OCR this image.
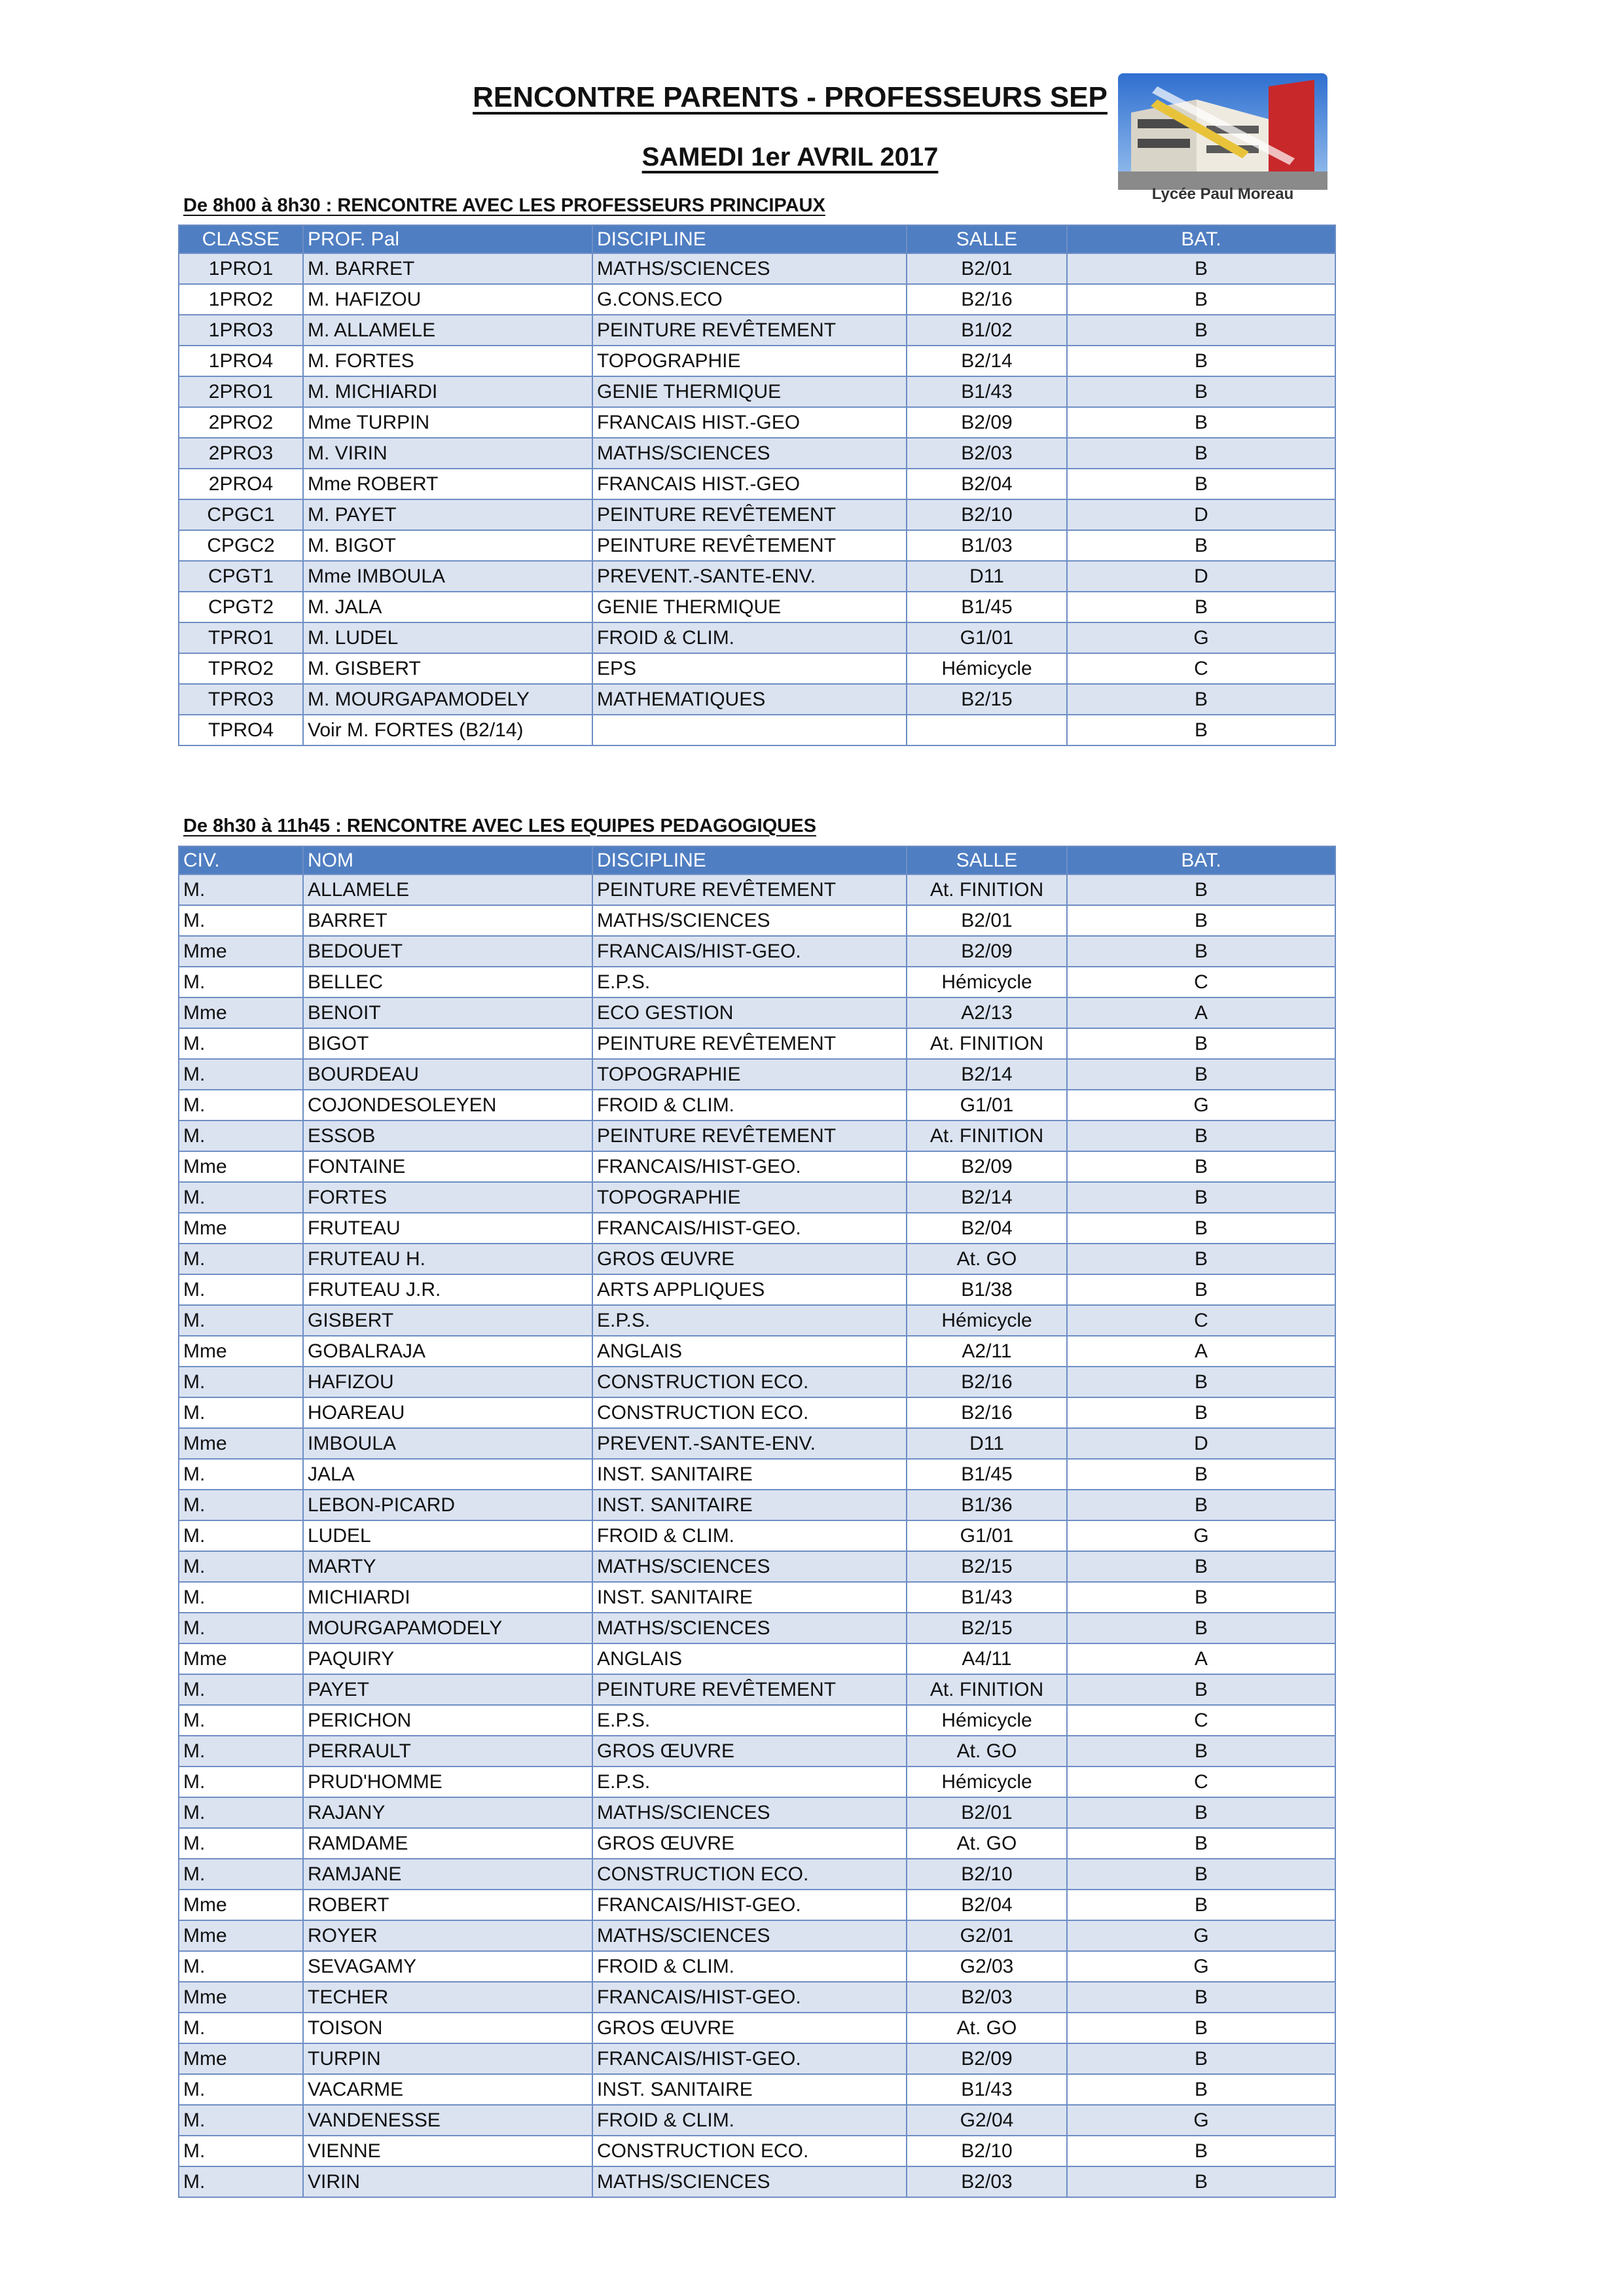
RENCONTRE PARENTS - PROFESSEURS SEP
SAMEDI 1er AVRIL 2017
Lycée Paul Moreau
De 8h00 à 8h30 : RENCONTRE AVEC LES PROFESSEURS PRINCIPAUX
CLASSE	PROF. Pal	DISCIPLINE	SALLE	BAT.
1PRO1	M. BARRET	MATHS/SCIENCES	B2/01	B
1PRO2	M. HAFIZOU	G.CONS.ECO	B2/16	B
1PRO3	M. ALLAMELE	PEINTURE REVÊTEMENT	B1/02	B
1PRO4	M. FORTES	TOPOGRAPHIE	B2/14	B
2PRO1	M. MICHIARDI	GENIE THERMIQUE	B1/43	B
2PRO2	Mme TURPIN	FRANCAIS HIST.-GEO	B2/09	B
2PRO3	M. VIRIN	MATHS/SCIENCES	B2/03	B
2PRO4	Mme ROBERT	FRANCAIS HIST.-GEO	B2/04	B
CPGC1	M. PAYET	PEINTURE REVÊTEMENT	B2/10	D
CPGC2	M. BIGOT	PEINTURE REVÊTEMENT	B1/03	B
CPGT1	Mme IMBOULA	PREVENT.-SANTE-ENV.	D11	D
CPGT2	M. JALA	GENIE THERMIQUE	B1/45	B
TPRO1	M. LUDEL	FROID & CLIM.	G1/01	G
TPRO2	M. GISBERT	EPS	Hémicycle	C
TPRO3	M. MOURGAPAMODELY	MATHEMATIQUES	B2/15	B
TPRO4	Voir M. FORTES (B2/14)			B
De 8h30 à 11h45 : RENCONTRE AVEC LES EQUIPES PEDAGOGIQUES
CIV.	NOM	DISCIPLINE	SALLE	BAT.
M.	ALLAMELE	PEINTURE REVÊTEMENT	At. FINITION	B
M.	BARRET	MATHS/SCIENCES	B2/01	B
Mme	BEDOUET	FRANCAIS/HIST-GEO.	B2/09	B
M.	BELLEC	E.P.S.	Hémicycle	C
Mme	BENOIT	ECO GESTION	A2/13	A
M.	BIGOT	PEINTURE REVÊTEMENT	At. FINITION	B
M.	BOURDEAU	TOPOGRAPHIE	B2/14	B
M.	COJONDESOLEYEN	FROID & CLIM.	G1/01	G
M.	ESSOB	PEINTURE REVÊTEMENT	At. FINITION	B
Mme	FONTAINE	FRANCAIS/HIST-GEO.	B2/09	B
M.	FORTES	TOPOGRAPHIE	B2/14	B
Mme	FRUTEAU	FRANCAIS/HIST-GEO.	B2/04	B
M.	FRUTEAU H.	GROS ŒUVRE	At. GO	B
M.	FRUTEAU J.R.	ARTS APPLIQUES	B1/38	B
M.	GISBERT	E.P.S.	Hémicycle	C
Mme	GOBALRAJA	ANGLAIS	A2/11	A
M.	HAFIZOU	CONSTRUCTION ECO.	B2/16	B
M.	HOAREAU	CONSTRUCTION ECO.	B2/16	B
Mme	IMBOULA	PREVENT.-SANTE-ENV.	D11	D
M.	JALA	INST. SANITAIRE	B1/45	B
M.	LEBON-PICARD	INST. SANITAIRE	B1/36	B
M.	LUDEL	FROID & CLIM.	G1/01	G
M.	MARTY	MATHS/SCIENCES	B2/15	B
M.	MICHIARDI	INST. SANITAIRE	B1/43	B
M.	MOURGAPAMODELY	MATHS/SCIENCES	B2/15	B
Mme	PAQUIRY	ANGLAIS	A4/11	A
M.	PAYET	PEINTURE REVÊTEMENT	At. FINITION	B
M.	PERICHON	E.P.S.	Hémicycle	C
M.	PERRAULT	GROS ŒUVRE	At. GO	B
M.	PRUD'HOMME	E.P.S.	Hémicycle	C
M.	RAJANY	MATHS/SCIENCES	B2/01	B
M.	RAMDAME	GROS ŒUVRE	At. GO	B
M.	RAMJANE	CONSTRUCTION ECO.	B2/10	B
Mme	ROBERT	FRANCAIS/HIST-GEO.	B2/04	B
Mme	ROYER	MATHS/SCIENCES	G2/01	G
M.	SEVAGAMY	FROID & CLIM.	G2/03	G
Mme	TECHER	FRANCAIS/HIST-GEO.	B2/03	B
M.	TOISON	GROS ŒUVRE	At. GO	B
Mme	TURPIN	FRANCAIS/HIST-GEO.	B2/09	B
M.	VACARME	INST. SANITAIRE	B1/43	B
M.	VANDENESSE	FROID & CLIM.	G2/04	G
M.	VIENNE	CONSTRUCTION ECO.	B2/10	B
M.	VIRIN	MATHS/SCIENCES	B2/03	B
